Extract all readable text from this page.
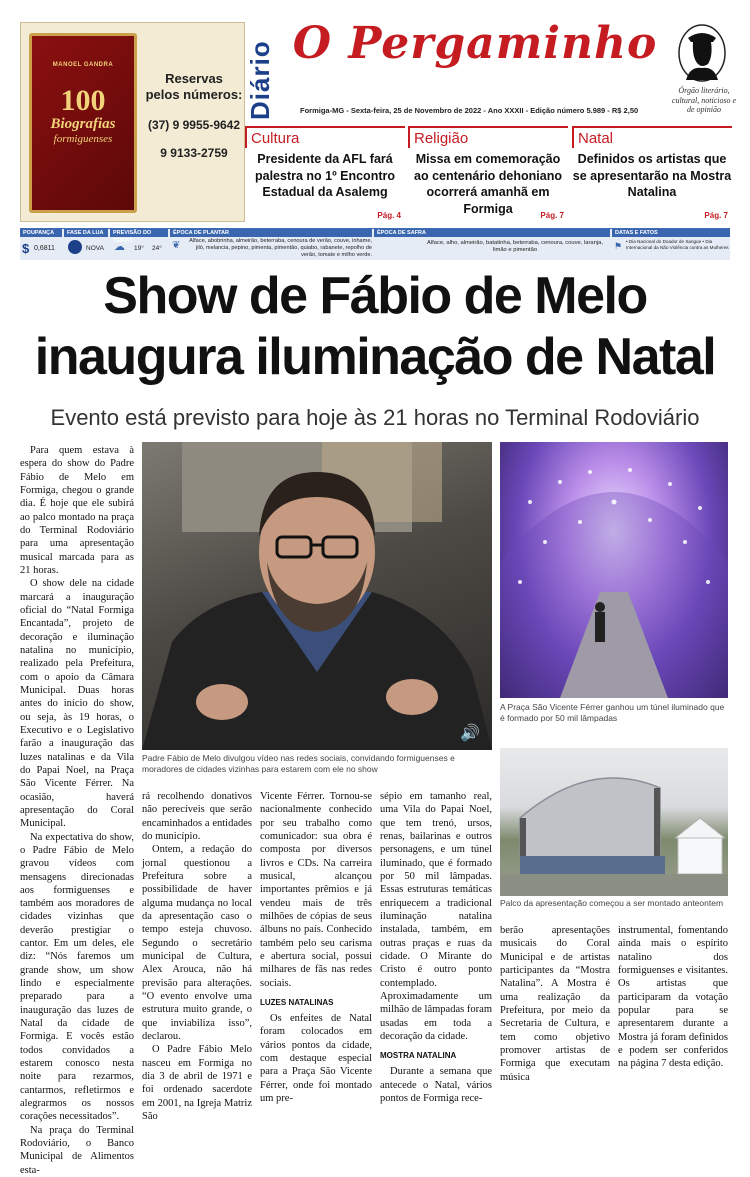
MANOEL GANDRA
100
Biografias
formiguenses
Reservas
pelos números:
(37) 9 9955-9642
9 9133-2759
Diário O Pergaminho
Formiga-MG - Sexta-feira, 25 de Novembro de 2022 - Ano XXXII - Edição número 5.989 - R$ 2,50
Órgão literário, cultural, noticioso e de opinião
Cultura
Presidente da AFL fará palestra no 1º Encontro Estadual da Asalemg
Pág. 4
Religião
Missa em comemoração ao centenário dehoniano ocorrerá amanhã em Formiga	Pág. 7
Natal
Definidos os artistas que se apresentarão na Mostra Natalina
Pág. 7
POUPANÇA
$ 0,6811
FASE DA LUA
NOVA
PREVISÃO DO TEMPO
☁ 19° 24°
ÉPOCA DE PLANTAR
❦	Alface, abobrinha, almeirão, beterraba, cenoura de verão, couve, inhame, jiló, melancia, pepino, pimenta, pimentão, quiabo, rabanete, repolho de verão, tomate e milho verde.
ÉPOCA DE SAFRA
Alface, alho, almeirão, batatinha, beterraba, cenoura, couve, laranja, limão e pimentão
DATAS E FATOS
⚑ • Dia Nacional do Doador de Sangue • Dia Internacional da Não Violência contra as Mulheres
Show de Fábio de Melo
inaugura iluminação de Natal
Evento está previsto para hoje às 21 horas no Terminal Rodoviário

Para quem estava à espera do show do Padre Fábio de Melo em Formiga, chegou o grande dia. É hoje que ele subirá ao palco montado na praça do Terminal Rodoviário para uma apresentação musical marcada para as 21 horas.

O show dele na cidade marcará a inauguração oficial do “Natal Formiga Encantada”, projeto de decoração e iluminação natalina no município, realizado pela Prefeitura, com o apoio da Câmara Municipal. Duas horas antes do início do show, ou seja, às 19 horas, o Executivo e o Legislativo farão a inauguração das luzes natalinas e da Vila do Papai Noel, na Praça São Vicente Férrer. Na ocasião, haverá apresentação do Coral Municipal.

Na expectativa do show, o Padre Fábio de Melo gravou vídeos com mensagens direcionadas aos formiguenses e também aos moradores de cidades vizinhas que deverão prestigiar o cantor. Em um deles, ele diz: “Nós faremos um grande show, um show lindo e especialmente preparado para a inauguração das luzes de Natal da cidade de Formiga. E vocês estão todos convidados a estarem conosco nesta noite para rezarmos, cantarmos, refletirmos e alegrarmos os nossos corações necessitados”.

Na praça do Terminal Rodoviário, o Banco Municipal de Alimentos esta-

🔊
Padre Fábio de Melo divulgou vídeo nas redes sociais, convidando formiguenses e moradores de cidades vizinhas para estarem com ele no show
A Praça São Vicente Férrer ganhou um túnel iluminado que é formado por 50 mil lâmpadas
Palco da apresentação começou a ser montado anteontem

rá recolhendo donativos não perecíveis que serão encaminhados a entidades do município.

Ontem, a redação do jornal questionou a Prefeitura sobre a possibilidade de haver alguma mudança no local da apresentação caso o tempo esteja chuvoso. Segundo o secretário municipal de Cultura, Alex Arouca, não há previsão para alterações. “O evento envolve uma estrutura muito grande, o que inviabiliza isso”, declarou.

O Padre Fábio Melo nasceu em Formiga no dia 3 de abril de 1971 e foi ordenado sacerdote em 2001, na Igreja Matriz São

Vicente Férrer. Tornou-se nacionalmente conhecido por seu trabalho como comunicador: sua obra é composta por diversos livros e CDs. Na carreira musical, alcançou importantes prêmios e já vendeu mais de três milhões de cópias de seus álbuns no país. Conhecido também pelo seu carisma e abertura social, possui milhares de fãs nas redes sociais.

LUZES NATALINAS

Os enfeites de Natal foram colocados em vários pontos da cidade, com destaque especial para a Praça São Vicente Férrer, onde foi montado um pre-

sépio em tamanho real, uma Vila do Papai Noel, que tem trenó, ursos, renas, bailarinas e outros personagens, e um túnel iluminado, que é formado por 50 mil lâmpadas. Essas estruturas temáticas enriquecem a tradicional iluminação natalina instalada, também, em outras praças e ruas da cidade. O Mirante do Cristo é outro ponto contemplado. Aproximadamente um milhão de lâmpadas foram usadas em toda a decoração da cidade.

MOSTRA NATALINA

Durante a semana que antecede o Natal, vários pontos de Formiga rece-

berão apresentações musicais do Coral Municipal e de artistas participantes da “Mostra Natalina”. A Mostra é uma realização da Prefeitura, por meio da Secretaria de Cultura, e tem como objetivo promover artistas de Formiga que executam música

instrumental, fomentando ainda mais o espírito natalino dos formiguenses e visitantes. Os artistas que participaram da votação popular para se apresentarem durante a Mostra já foram definidos e podem ser conferidos na página 7 desta edição.
